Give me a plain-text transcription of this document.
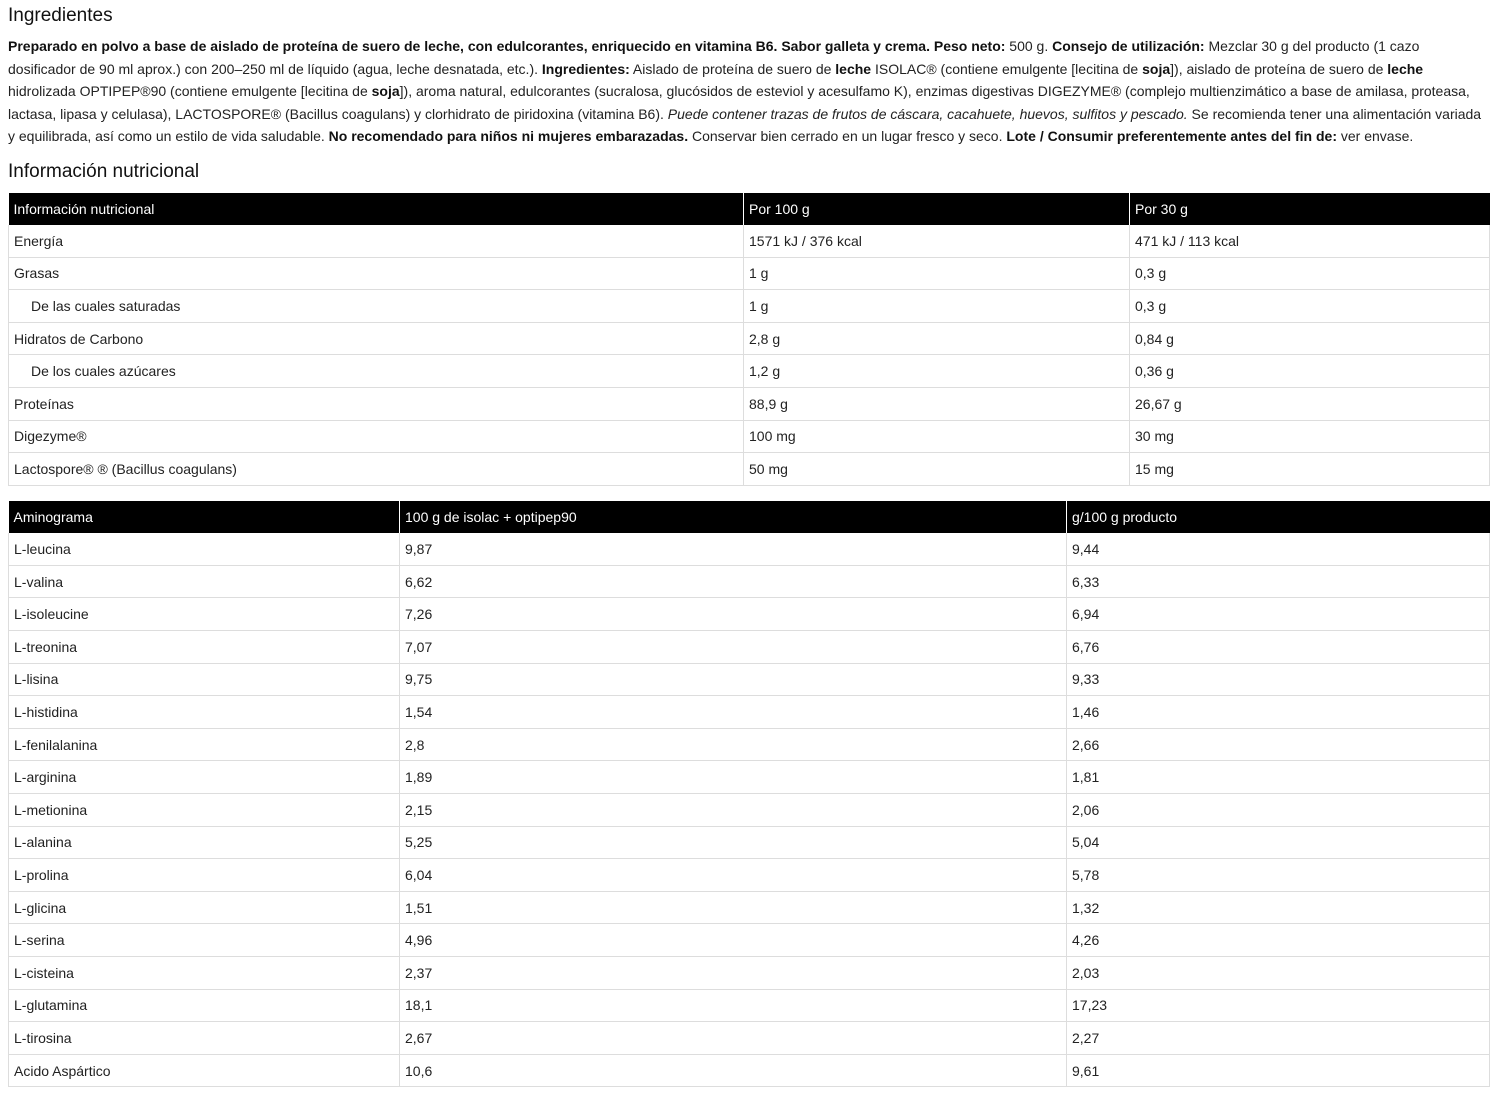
Ingredientes

Preparado en polvo a base de aislado de proteína de suero de leche, con edulcorantes, enriquecido en vitamina B6. Sabor galleta y crema. Peso neto: 500 g. Consejo de utilización: Mezclar 30 g del producto (1 cazo dosificador de 90 ml aprox.) con 200–250 ml de líquido (agua, leche desnatada, etc.). Ingredientes: Aislado de proteína de suero de leche ISOLAC® (contiene emulgente [lecitina de soja]), aislado de proteína de suero de leche hidrolizada OPTIPEP®90 (contiene emulgente [lecitina de soja]), aroma natural, edulcorantes (sucralosa, glucósidos de esteviol y acesulfamo K), enzimas digestivas DIGEZYME® (complejo multienzimático a base de amilasa, proteasa, lactasa, lipasa y celulasa), LACTOSPORE® (Bacillus coagulans) y clorhidrato de piridoxina (vitamina B6). Puede contener trazas de frutos de cáscara, cacahuete, huevos, sulfitos y pescado. Se recomienda tener una alimentación variada y equilibrada, así como un estilo de vida saludable. No recomendado para niños ni mujeres embarazadas. Conservar bien cerrado en un lugar fresco y seco. Lote / Consumir preferentemente antes del fin de: ver envase.

Información nutricional
Información nutricional	Por 100 g	Por 30 g
Energía	1571 kJ / 376 kcal	471 kJ / 113 kcal
Grasas	1 g	0,3 g
De las cuales saturadas	1 g	0,3 g
Hidratos de Carbono	2,8 g	0,84 g
De los cuales azúcares	1,2 g	0,36 g
Proteínas	88,9 g	26,67 g
Digezyme®	100 mg	30 mg
Lactospore® ® (Bacillus coagulans)	50 mg	15 mg
Aminograma	100 g de isolac + optipep90	g/100 g producto
L-leucina	9,87	9,44
L-valina	6,62	6,33
L-isoleucine	7,26	6,94
L-treonina	7,07	6,76
L-lisina	9,75	9,33
L-histidina	1,54	1,46
L-fenilalanina	2,8	2,66
L-arginina	1,89	1,81
L-metionina	2,15	2,06
L-alanina	5,25	5,04
L-prolina	6,04	5,78
L-glicina	1,51	1,32
L-serina	4,96	4,26
L-cisteina	2,37	2,03
L-glutamina	18,1	17,23
L-tirosina	2,67	2,27
Acido Aspártico	10,6	9,61
